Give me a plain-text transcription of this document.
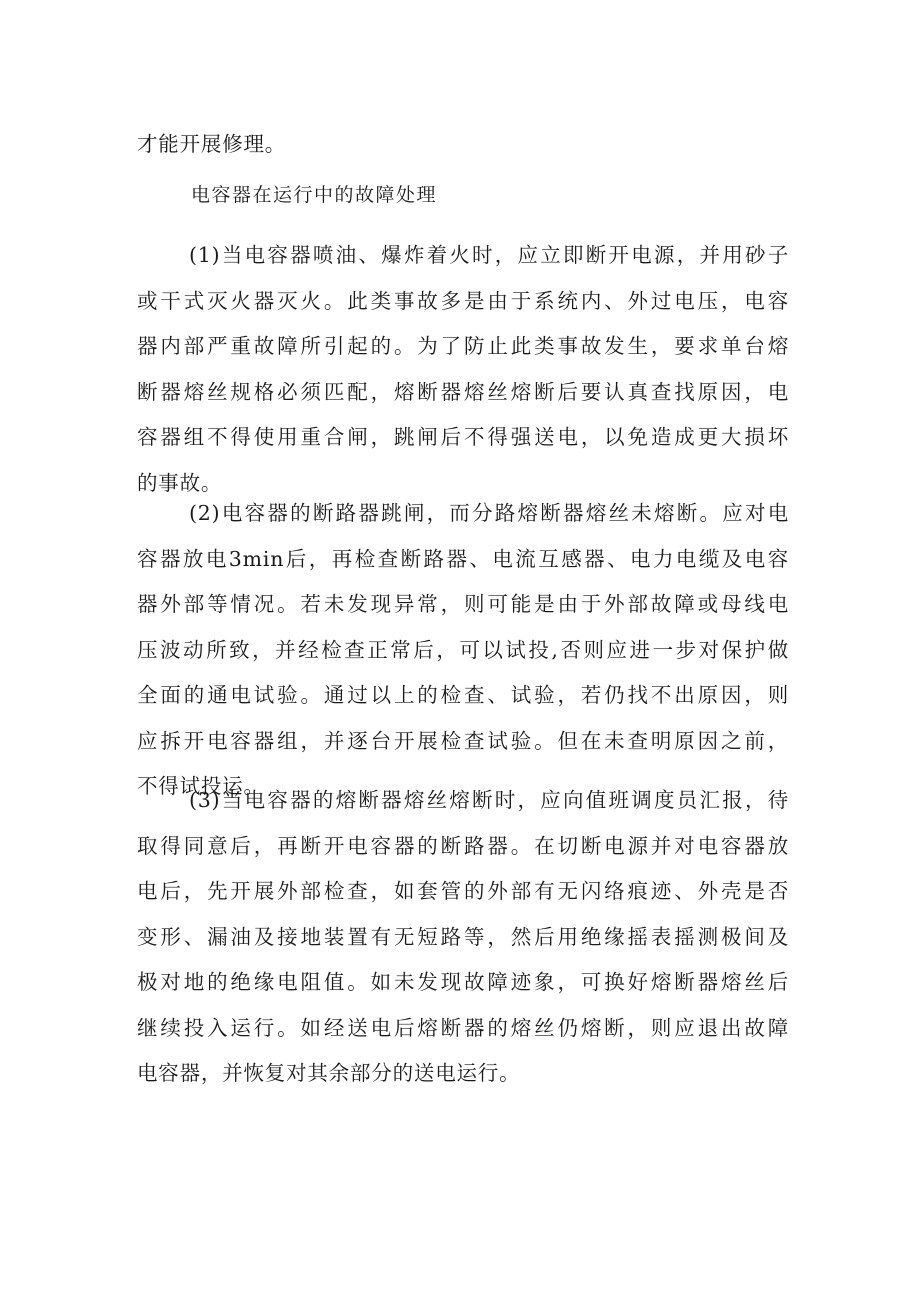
才能开展修理。
电容器在运行中的故障处理
(1)当电容器喷油、爆炸着火时，应立即断开电源，并用砂子
或干式灭火器灭火。此类事故多是由于系统内、外过电压，电容
器内部严重故障所引起的。为了防止此类事故发生，要求单台熔
断器熔丝规格必须匹配，熔断器熔丝熔断后要认真查找原因，电
容器组不得使用重合闸，跳闸后不得强送电，以免造成更大损坏
的事故。
(2)电容器的断路器跳闸，而分路熔断器熔丝未熔断。应对电
容器放电3min后，再检查断路器、电流互感器、电力电缆及电容
器外部等情况。若未发现异常，则可能是由于外部故障或母线电
压波动所致，并经检查正常后，可以试投,否则应进一步对保护做
全面的通电试验。通过以上的检查、试验，若仍找不出原因，则
应拆开电容器组，并逐台开展检查试验。但在未查明原因之前，
不得试投运。
(3)当电容器的熔断器熔丝熔断时，应向值班调度员汇报，待
取得同意后，再断开电容器的断路器。在切断电源并对电容器放
电后，先开展外部检查，如套管的外部有无闪络痕迹、外壳是否
变形、漏油及接地装置有无短路等，然后用绝缘摇表摇测极间及
极对地的绝缘电阻值。如未发现故障迹象，可换好熔断器熔丝后
继续投入运行。如经送电后熔断器的熔丝仍熔断，则应退出故障
电容器，并恢复对其余部分的送电运行。
